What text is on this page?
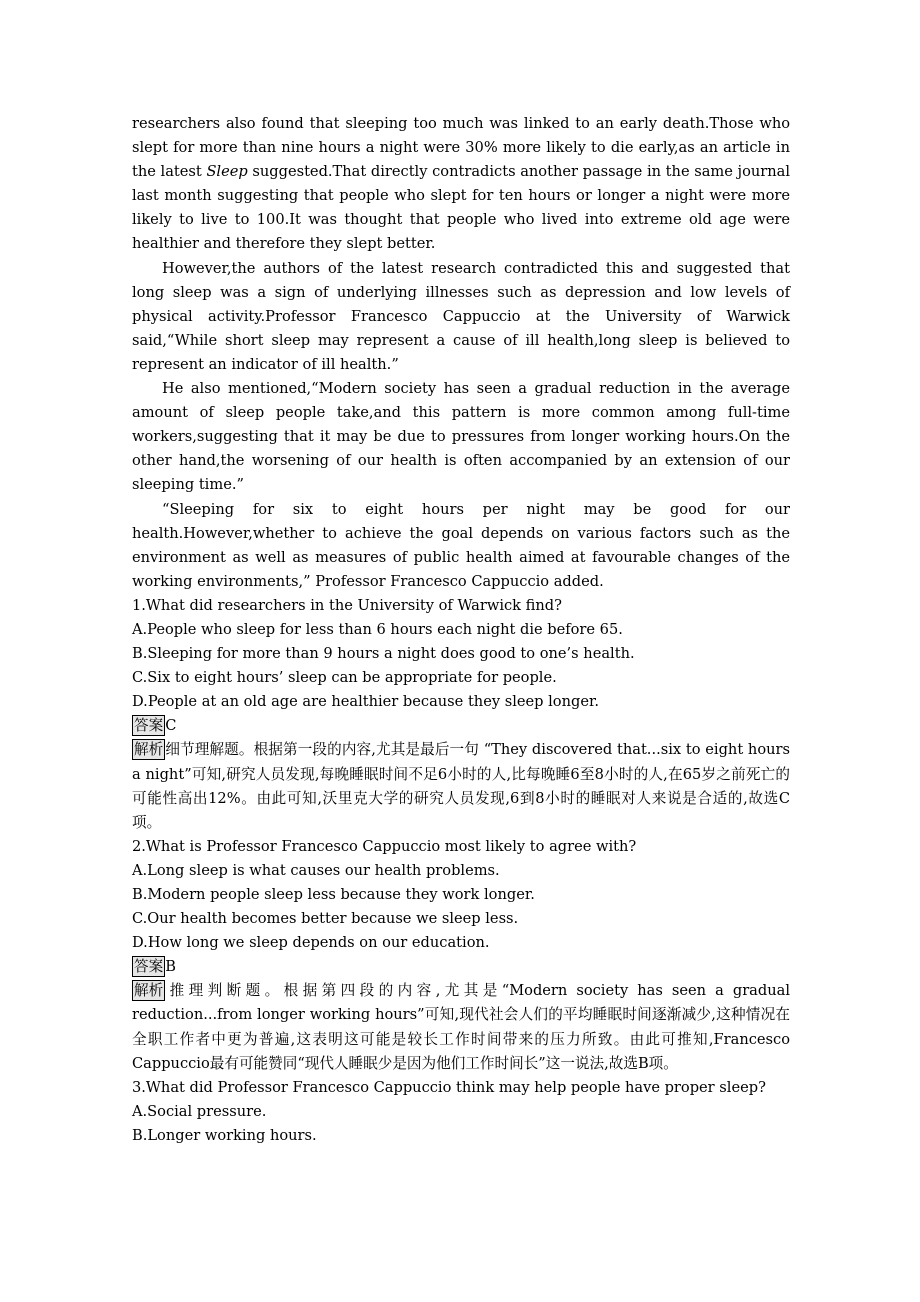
researchers also found that sleeping too much was linked to an early death.Those who slept for more than nine hours a night were 30% more likely to die early,as an article in the latest Sleep suggested.That directly contradicts another passage in the same journal last month suggesting that people who slept for ten hours or longer a night were more likely to live to 100.It was thought that people who lived into extreme old age were healthier and therefore they slept better.

However,the authors of the latest research contradicted this and suggested that long sleep was a sign of underlying illnesses such as depression and low levels of physical activity.Professor Francesco Cappuccio at the University of Warwick said,“While short sleep may represent a cause of ill health,long sleep is believed to represent an indicator of ill health.”

He also mentioned,“Modern society has seen a gradual reduction in the average amount of sleep people take,and this pattern is more common among full-time workers,suggesting that it may be due to pressures from longer working hours.On the other hand,the worsening of our health is often accompanied by an extension of our sleeping time.”

“Sleeping for six to eight hours per night may be good for our health.However,whether to achieve the goal depends on various factors such as the environment as well as measures of public health aimed at favourable changes of the working environments,” Professor Francesco Cappuccio added.

1.What did researchers in the University of Warwick find?

A.People who sleep for less than 6 hours each night die before 65.

B.Sleeping for more than 9 hours a night does good to one’s health.

C.Six to eight hours’ sleep can be appropriate for people.

D.People at an old age are healthier because they sleep longer.

答案 C

解析 细节理解题。根据第一段的内容,尤其是最后一句 “They discovered that...six to eight hours a night”可知,研究人员发现,每晚睡眠时间不足6小时的人,比每晚睡6至8小时的人,在65岁之前死亡的可能性高出12%。由此可知,沃里克大学的研究人员发现,6到8小时的睡眠对人来说是合适的,故选C项。

2.What is Professor Francesco Cappuccio most likely to agree with?

A.Long sleep is what causes our health problems.

B.Modern people sleep less because they work longer.

C.Our health becomes better because we sleep less.

D.How long we sleep depends on our education.

答案 B

解析 推理判断题。根据第四段的内容,尤其是“Modern society has seen a gradual reduction...from longer working hours”可知,现代社会人们的平均睡眠时间逐渐减少,这种情况在全职工作者中更为普遍,这表明这可能是较长工作时间带来的压力所致。由此可推知,Francesco Cappuccio最有可能赞同“现代人睡眠少是因为他们工作时间长”这一说法,故选B项。

3.What did Professor Francesco Cappuccio think may help people have proper sleep?

A.Social pressure.

B.Longer working hours.
